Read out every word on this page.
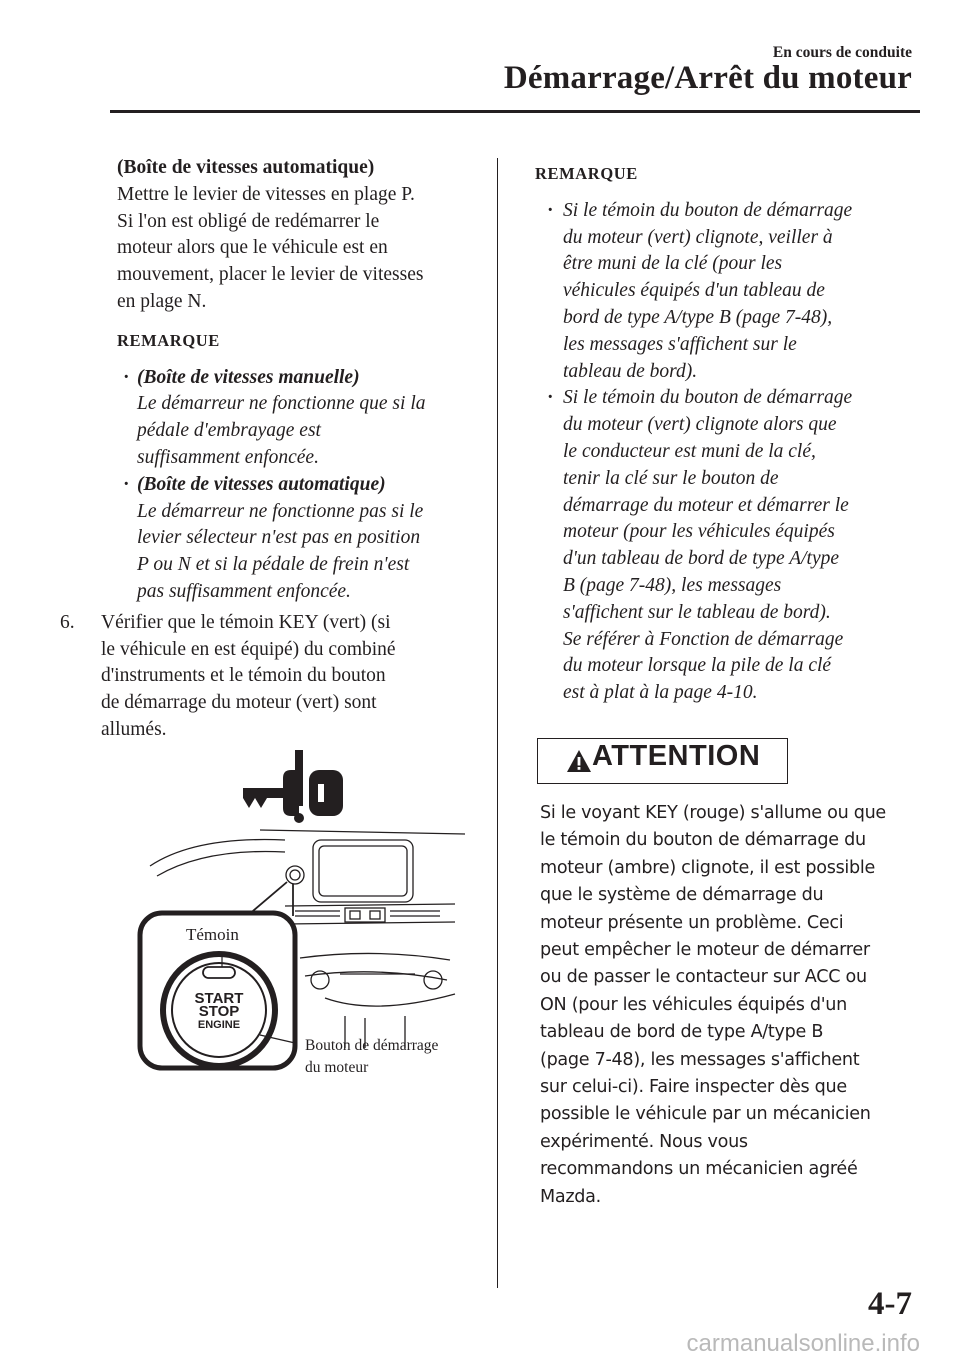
En cours de conduite
Démarrage/Arrêt du moteur
(Boîte de vitesses automatique)
Mettre le levier de vitesses en plage P.
Si l'on est obligé de redémarrer le
moteur alors que le véhicule est en
mouvement, placer le levier de vitesses
en plage N.
REMARQUE
· (Boîte de vitesses manuelle)
Le démarreur ne fonctionne que si la
pédale d'embrayage est
suffisamment enfoncée.
· (Boîte de vitesses automatique)
Le démarreur ne fonctionne pas si le
levier sélecteur n'est pas en position
P ou N et si la pédale de frein n'est
pas suffisamment enfoncée.
6. Vérifier que le témoin KEY (vert) (si
le véhicule en est équipé) du combiné
d'instruments et le témoin du bouton
de démarrage du moteur (vert) sont
allumés.
START
STOP
ENGINE
Témoin
Bouton de démarrage
du moteur
REMARQUE
· Si le témoin du bouton de démarrage
du moteur (vert) clignote, veiller à
être muni de la clé (pour les
véhicules équipés d'un tableau de
bord de type A/type B (page 7-48),
les messages s'affichent sur le
tableau de bord).
· Si le témoin du bouton de démarrage
du moteur (vert) clignote alors que
le conducteur est muni de la clé,
tenir la clé sur le bouton de
démarrage du moteur et démarrer le
moteur (pour les véhicules équipés
d'un tableau de bord de type A/type
B (page 7-48), les messages
s'affichent sur le tableau de bord).
Se référer à Fonction de démarrage
du moteur lorsque la pile de la clé
est à plat à la page 4-10.
ATTENTION
Si le voyant KEY (rouge) s'allume ou que
le témoin du bouton de démarrage du
moteur (ambre) clignote, il est possible
que le système de démarrage du
moteur présente un problème. Ceci
peut empêcher le moteur de démarrer
ou de passer le contacteur sur ACC ou
ON (pour les véhicules équipés d'un
tableau de bord de type A/type B
(page 7-48), les messages s'affichent
sur celui-ci). Faire inspecter dès que
possible le véhicule par un mécanicien
expérimenté. Nous vous
recommandons un mécanicien agréé
Mazda.
4-7
carmanualsonline.info
